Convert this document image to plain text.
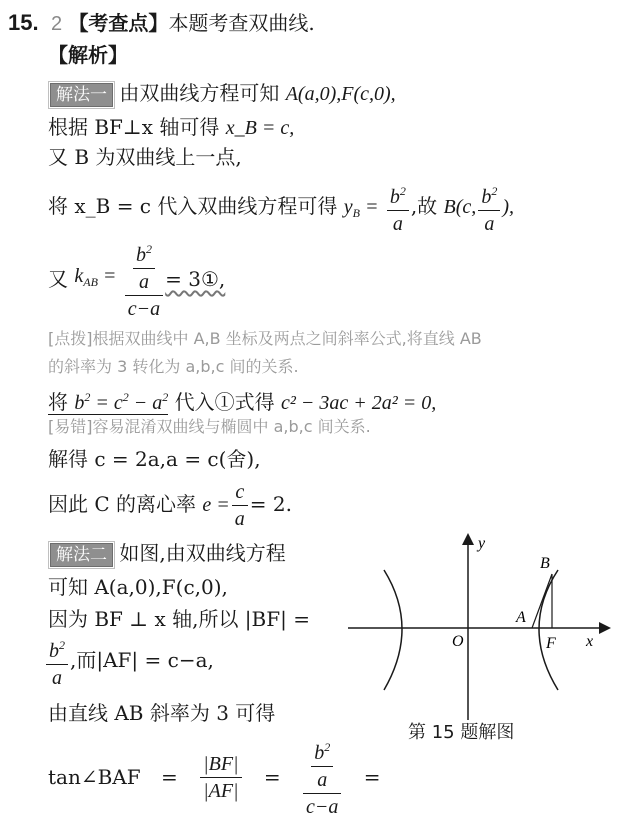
15. 2 【考查点】本题考查双曲线.
【解析】
解法一 由双曲线方程可知 A(a,0),F(c,0),
根据 BF⊥x 轴可得 x_B = c,
又 B 为双曲线上一点,
将 x_B = c 代入双曲线方程可得 $y_B = \frac{b^2}{a}$ ,故 B(c, $\frac{b^2}{a}$ ),
又 $k_{AB} = \frac{\frac{b^2}{a}}{c-a}$ = 3①,
[点拨]根据双曲线中 A,B 坐标及两点之间斜率公式,将直线 AB
的斜率为 3 转化为 a,b,c 间的关系.
将 $b^2 = c^2 - a^2$ 代入①式得 c² − 3ac + 2a² = 0,
[易错]容易混淆双曲线与椭圆中 a,b,c 间关系.
解得 c = 2a,a = c(舍),
因此 C 的离心率 $e = \frac{c}{a} = 2$.
解法二 如图,由双曲线方程
可知 A(a,0),F(c,0),
因为 BF ⊥ x 轴,所以 |BF| =
$\frac{b^2}{a}$ ,而|AF| = c−a,
由直线 AB 斜率为 3 可得
tan∠BAF = $\frac{|BF|}{|AF|} = \frac{\frac{b^2}{a}}{c-a}$ =
y
x
O
A
B
F
第 15 题解图
